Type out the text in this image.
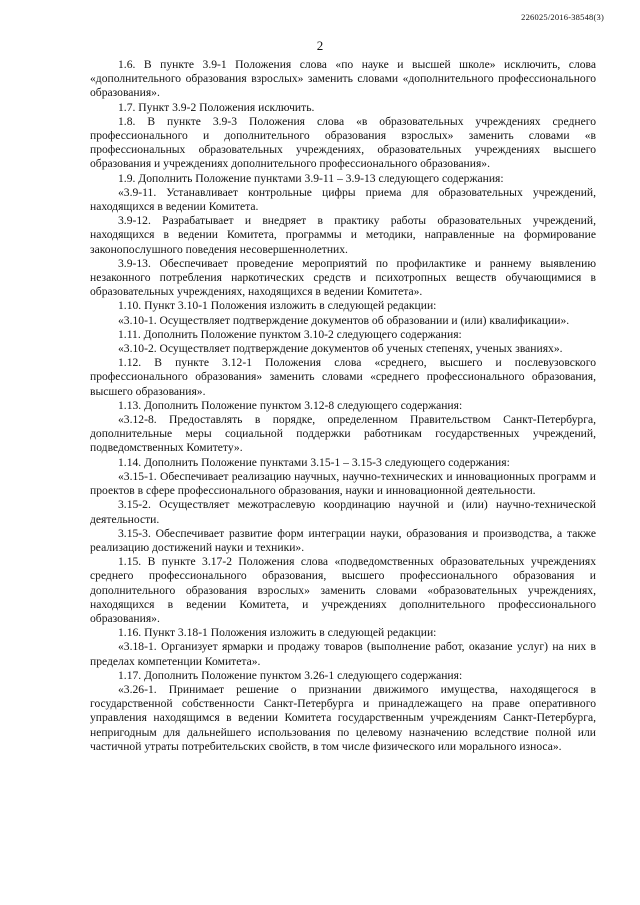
226025/2016-38548(3)
2

1.6. В пункте 3.9-1 Положения слова «по науке и высшей школе» исключить, слова «дополнительного образования взрослых» заменить словами «дополнительного профессионального образования».

1.7. Пункт 3.9-2 Положения исключить.

1.8. В пункте 3.9-3 Положения слова «в образовательных учреждениях среднего профессионального и дополнительного образования взрослых» заменить словами «в профессиональных образовательных учреждениях, образовательных учреждениях высшего образования и учреждениях дополнительного профессионального образования».

1.9. Дополнить Положение пунктами 3.9-11 – 3.9-13 следующего содержания:

«3.9-11. Устанавливает контрольные цифры приема для образовательных учреждений, находящихся в ведении Комитета.

3.9-12. Разрабатывает и внедряет в практику работы образовательных учреждений, находящихся в ведении Комитета, программы и методики, направленные на формирование законопослушного поведения несовершеннолетних.

3.9-13. Обеспечивает проведение мероприятий по профилактике и раннему выявлению незаконного потребления наркотических средств и психотропных веществ обучающимися в образовательных учреждениях, находящихся в ведении Комитета».

1.10. Пункт 3.10-1 Положения изложить в следующей редакции:

«3.10-1. Осуществляет подтверждение документов об образовании и (или) квалификации».

1.11. Дополнить Положение пунктом 3.10-2 следующего содержания:

«3.10-2. Осуществляет подтверждение документов об ученых степенях, ученых званиях».

1.12. В пункте 3.12-1 Положения слова «среднего, высшего и послевузовского профессионального образования» заменить словами «среднего профессионального образования, высшего образования».

1.13. Дополнить Положение пунктом 3.12-8 следующего содержания:

«3.12-8. Предоставлять в порядке, определенном Правительством Санкт-Петербурга, дополнительные меры социальной поддержки работникам государственных учреждений, подведомственных Комитету».

1.14. Дополнить Положение пунктами 3.15-1 – 3.15-3 следующего содержания:

«3.15-1. Обеспечивает реализацию научных, научно-технических и инновационных программ и проектов в сфере профессионального образования, науки и инновационной деятельности.

3.15-2. Осуществляет межотраслевую координацию научной и (или) научно-технической деятельности.

3.15-3. Обеспечивает развитие форм интеграции науки, образования и производства, а также реализацию достижений науки и техники».

1.15. В пункте 3.17-2 Положения слова «подведомственных образовательных учреждениях среднего профессионального образования, высшего профессионального образования и дополнительного образования взрослых» заменить словами «образовательных учреждениях, находящихся в ведении Комитета, и учреждениях дополнительного профессионального образования».

1.16. Пункт 3.18-1 Положения изложить в следующей редакции:

«3.18-1. Организует ярмарки и продажу товаров (выполнение работ, оказание услуг) на них в пределах компетенции Комитета».

1.17. Дополнить Положение пунктом 3.26-1 следующего содержания:

«3.26-1. Принимает решение о признании движимого имущества, находящегося в государственной собственности Санкт-Петербурга и принадлежащего на праве оперативного управления находящимся в ведении Комитета государственным учреждениям Санкт-Петербурга, непригодным для дальнейшего использования по целевому назначению вследствие полной или частичной утраты потребительских свойств, в том числе физического или морального износа».
